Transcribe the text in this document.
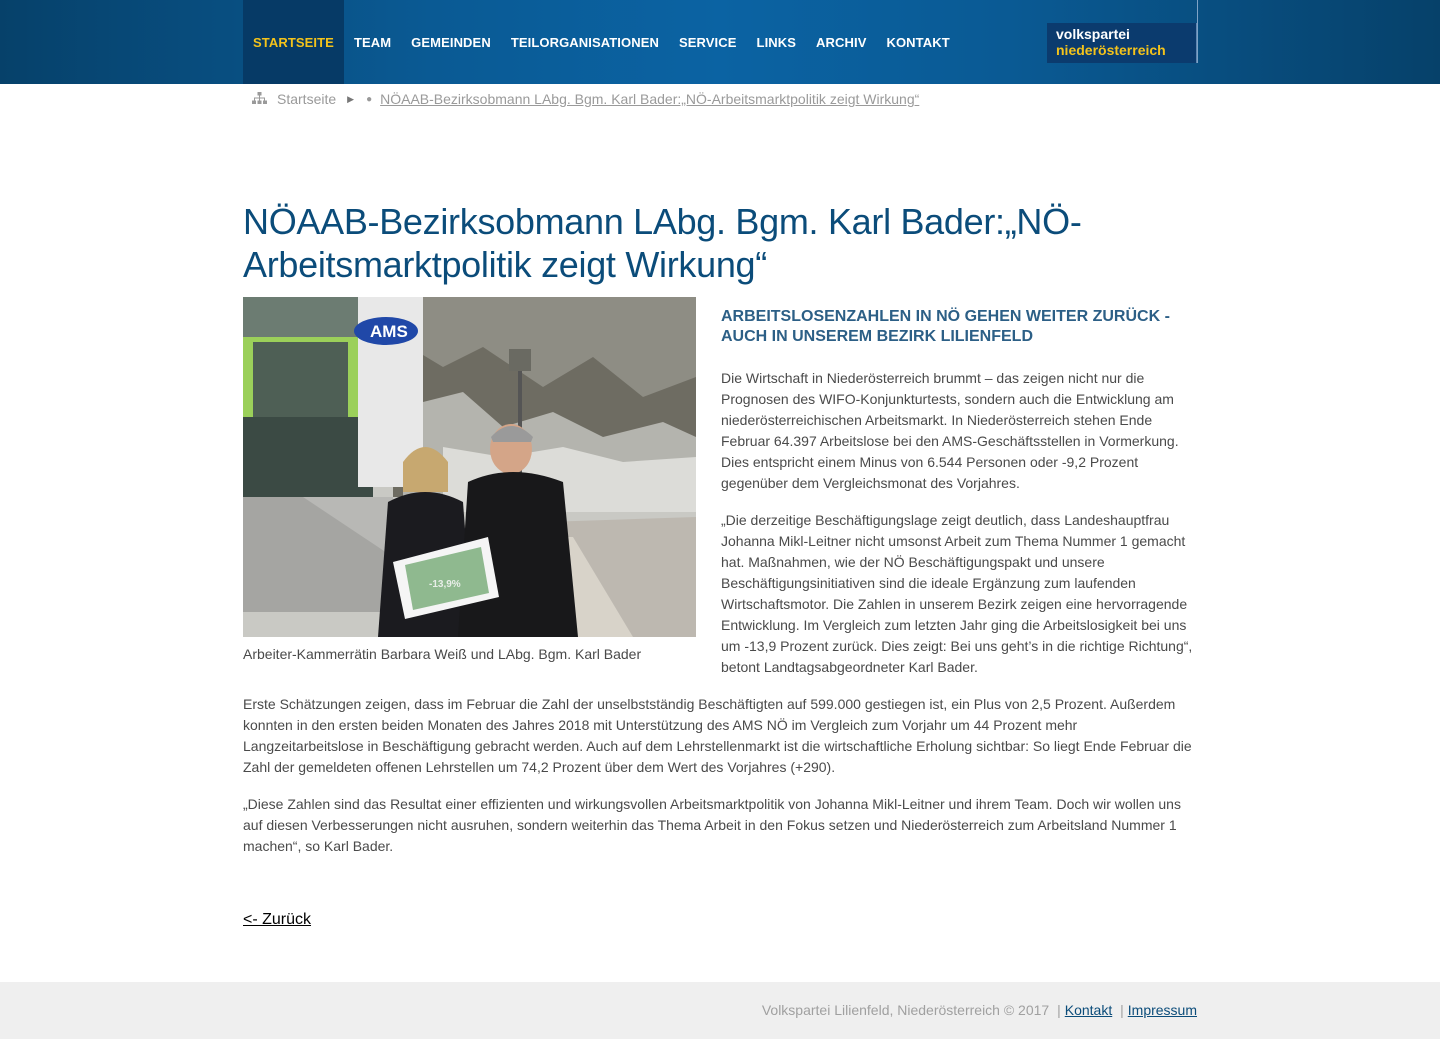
STARTSEITE	TEAM	GEMEINDEN	TEILORGANISATIONEN	SERVICE	LINKS	ARCHIV	KONTAKT	volkspartei
niederösterreich
Startseite ▶ ● NÖAAB-Bezirksobmann LAbg. Bgm. Karl Bader:„NÖ-Arbeitsmarktpolitik zeigt Wirkung“
NÖAAB-Bezirksobmann LAbg. Bgm. Karl Bader:„NÖ-Arbeitsmarktpolitik zeigt Wirkung“
AMS
-13,9%
Arbeiter-Kammerrätin Barbara Weiß und LAbg. Bgm. Karl Bader
ARBEITSLOSENZAHLEN IN NÖ GEHEN WEITER ZURÜCK - AUCH IN UNSEREM BEZIRK LILIENFELD

Die Wirtschaft in Niederösterreich brummt – das zeigen nicht nur die Prognosen des WIFO-Konjunkturtests, sondern auch die Entwicklung am niederösterreichischen Arbeitsmarkt. In Niederösterreich stehen Ende Februar 64.397 Arbeitslose bei den AMS-Geschäftsstellen in Vormerkung. Dies entspricht einem Minus von 6.544 Personen oder -9,2 Prozent gegenüber dem Vergleichsmonat des Vorjahres.

„Die derzeitige Beschäftigungslage zeigt deutlich, dass Landeshauptfrau Johanna Mikl-Leitner nicht umsonst Arbeit zum Thema Nummer 1 gemacht hat. Maßnahmen, wie der NÖ Beschäftigungspakt und unsere Beschäftigungsinitiativen sind die ideale Ergänzung zum laufenden Wirtschaftsmotor. Die Zahlen in unserem Bezirk zeigen eine hervorragende Entwicklung. Im Vergleich zum letzten Jahr ging die Arbeitslosigkeit bei uns um -13,9 Prozent zurück. Dies zeigt: Bei uns geht’s in die richtige Richtung“, betont Landtagsabgeordneter Karl Bader.

Erste Schätzungen zeigen, dass im Februar die Zahl der unselbstständig Beschäftigten auf 599.000 gestiegen ist, ein Plus von 2,5 Prozent. Außerdem konnten in den ersten beiden Monaten des Jahres 2018 mit Unterstützung des AMS NÖ im Vergleich zum Vorjahr um 44 Prozent mehr Langzeitarbeitslose in Beschäftigung gebracht werden. Auch auf dem Lehrstellenmarkt ist die wirtschaftliche Erholung sichtbar: So liegt Ende Februar die Zahl der gemeldeten offenen Lehrstellen um 74,2 Prozent über dem Wert des Vorjahres (+290).

„Diese Zahlen sind das Resultat einer effizienten und wirkungsvollen Arbeitsmarktpolitik von Johanna Mikl-Leitner und ihrem Team. Doch wir wollen uns auf diesen Verbesserungen nicht ausruhen, sondern weiterhin das Thema Arbeit in den Fokus setzen und Niederösterreich zum Arbeitsland Nummer 1 machen“, so Karl Bader.

<- Zurück
Volkspartei Lilienfeld, Niederösterreich © 2017 | Kontakt | Impressum
